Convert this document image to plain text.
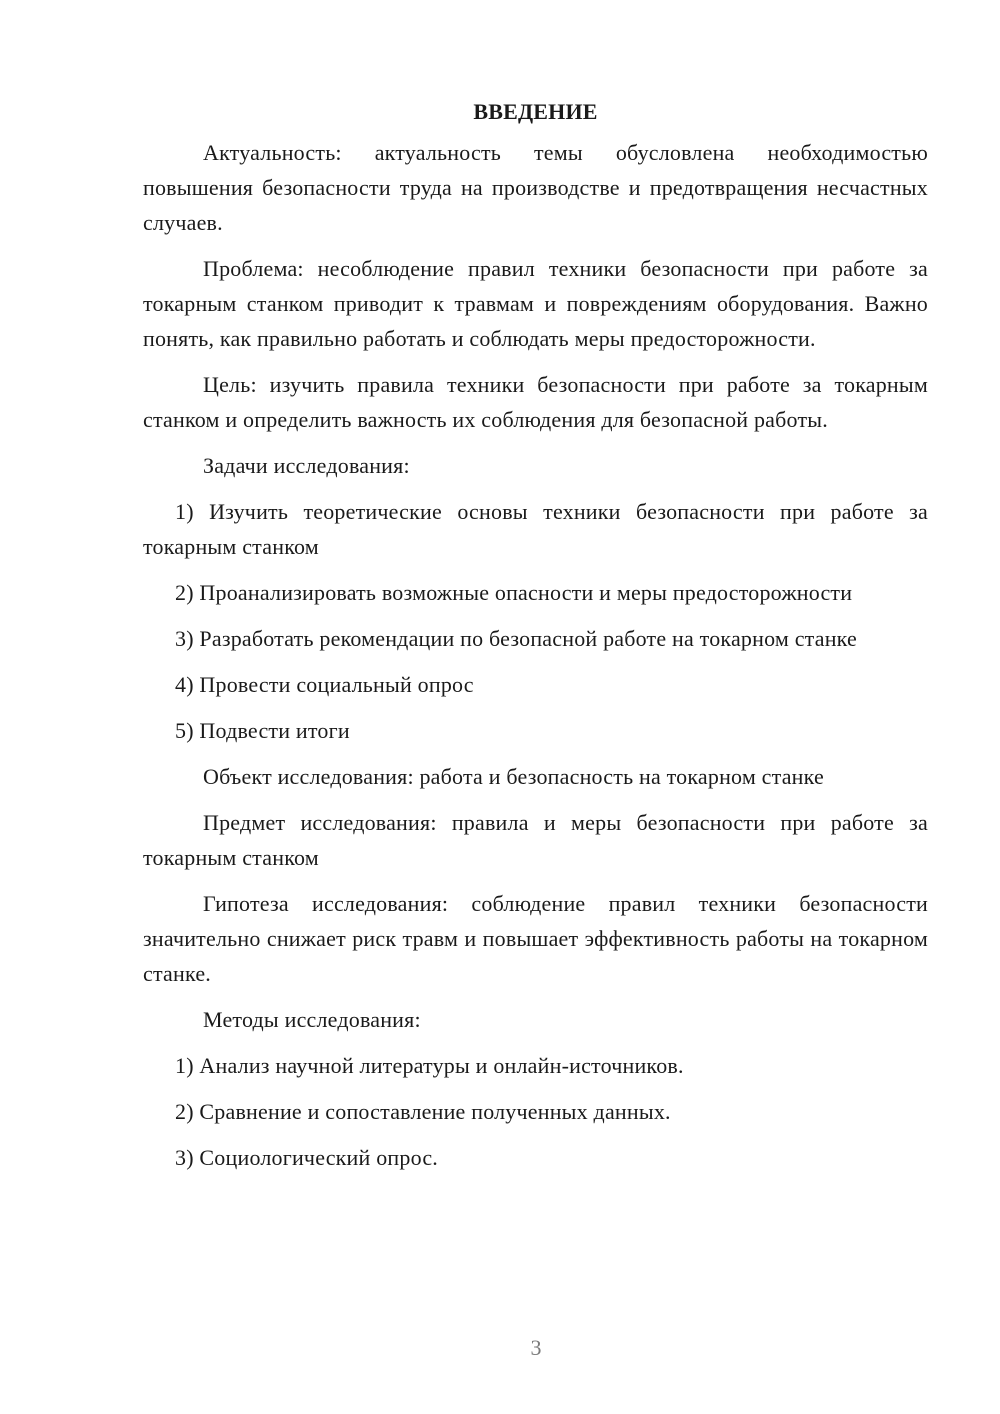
ВВЕДЕНИЕ

Актуальность: актуальность темы обусловлена необходимостью повышения безопасности труда на производстве и предотвращения несчастных случаев.

Проблема: несоблюдение правил техники безопасности при работе за токарным станком приводит к травмам и повреждениям оборудования. Важно понять, как правильно работать и соблюдать меры предосторожности.

Цель: изучить правила техники безопасности при работе за токарным станком и определить важность их соблюдения для безопасной работы.

Задачи исследования:

1) Изучить теоретические основы техники безопасности при работе за токарным станком

2) Проанализировать возможные опасности и меры предосторожности

3) Разработать рекомендации по безопасной работе на токарном станке

4) Провести социальный опрос

5) Подвести итоги

Объект исследования: работа и безопасность на токарном станке

Предмет исследования: правила и меры безопасности при работе за токарным станком

Гипотеза исследования: соблюдение правил техники безопасности значительно снижает риск травм и повышает эффективность работы на токарном станке.

Методы исследования:

1) Анализ научной литературы и онлайн-источников.

2) Сравнение и сопоставление полученных данных.

3) Социологический опрос.

3
